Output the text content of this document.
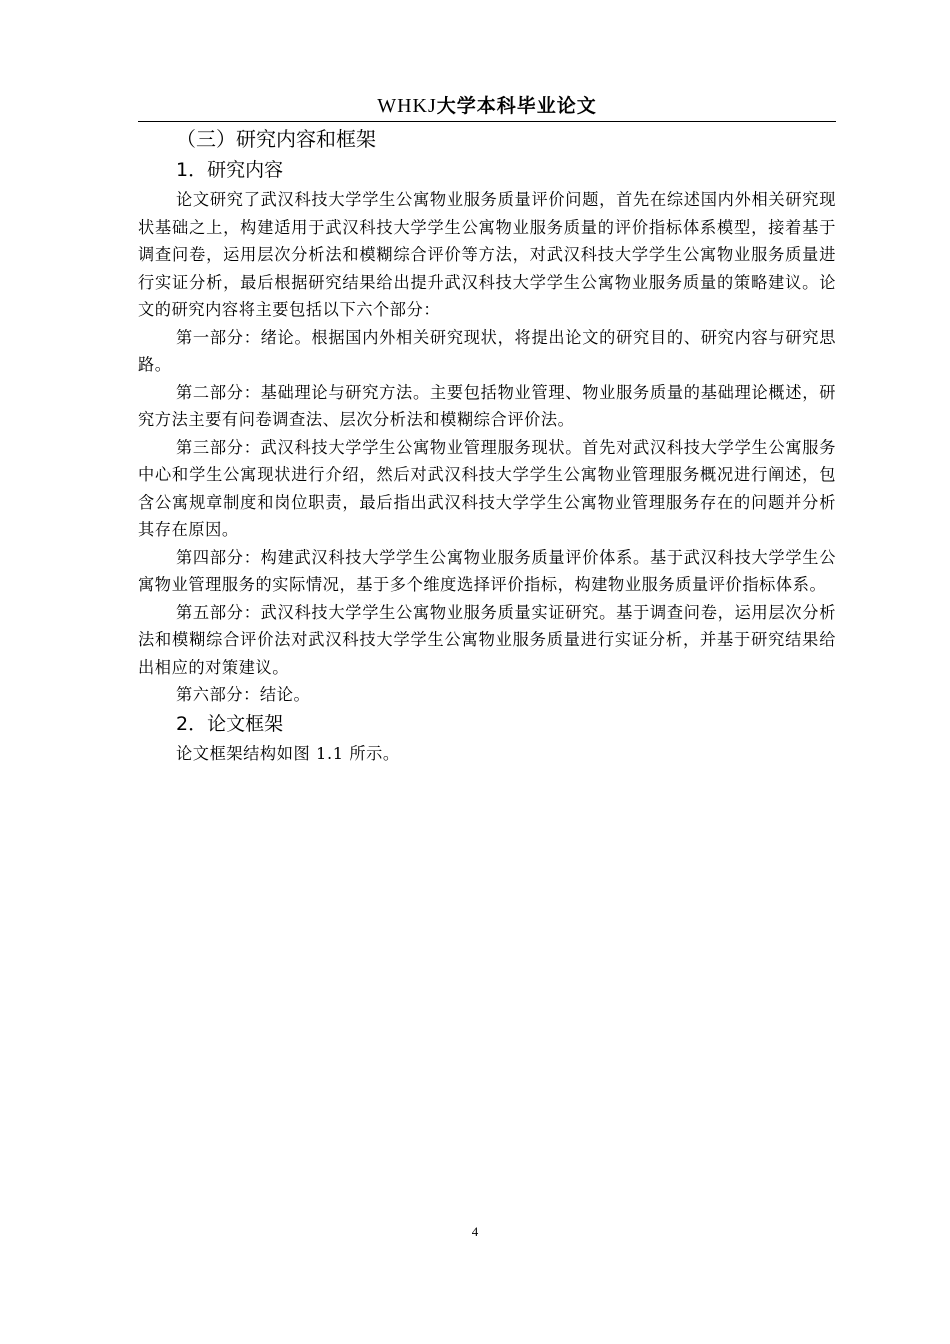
WHKJ大学本科毕业论文
（三）研究内容和框架
1．研究内容

论文研究了武汉科技大学学生公寓物业服务质量评价问题，首先在综述国内外相关研究现状基础之上，构建适用于武汉科技大学学生公寓物业服务质量的评价指标体系模型，接着基于调查问卷，运用层次分析法和模糊综合评价等方法，对武汉科技大学学生公寓物业服务质量进行实证分析，最后根据研究结果给出提升武汉科技大学学生公寓物业服务质量的策略建议。论文的研究内容将主要包括以下六个部分：

第一部分：绪论。根据国内外相关研究现状，将提出论文的研究目的、研究内容与研究思路。

第二部分：基础理论与研究方法。主要包括物业管理、物业服务质量的基础理论概述，研究方法主要有问卷调查法、层次分析法和模糊综合评价法。

第三部分：武汉科技大学学生公寓物业管理服务现状。首先对武汉科技大学学生公寓服务中心和学生公寓现状进行介绍，然后对武汉科技大学学生公寓物业管理服务概况进行阐述，包含公寓规章制度和岗位职责，最后指出武汉科技大学学生公寓物业管理服务存在的问题并分析其存在原因。

第四部分：构建武汉科技大学学生公寓物业服务质量评价体系。基于武汉科技大学学生公寓物业管理服务的实际情况，基于多个维度选择评价指标，构建物业服务质量评价指标体系。

第五部分：武汉科技大学学生公寓物业服务质量实证研究。基于调查问卷，运用层次分析法和模糊综合评价法对武汉科技大学学生公寓物业服务质量进行实证分析，并基于研究结果给出相应的对策建议。

第六部分：结论。

2．论文框架

论文框架结构如图 1.1 所示。

4
